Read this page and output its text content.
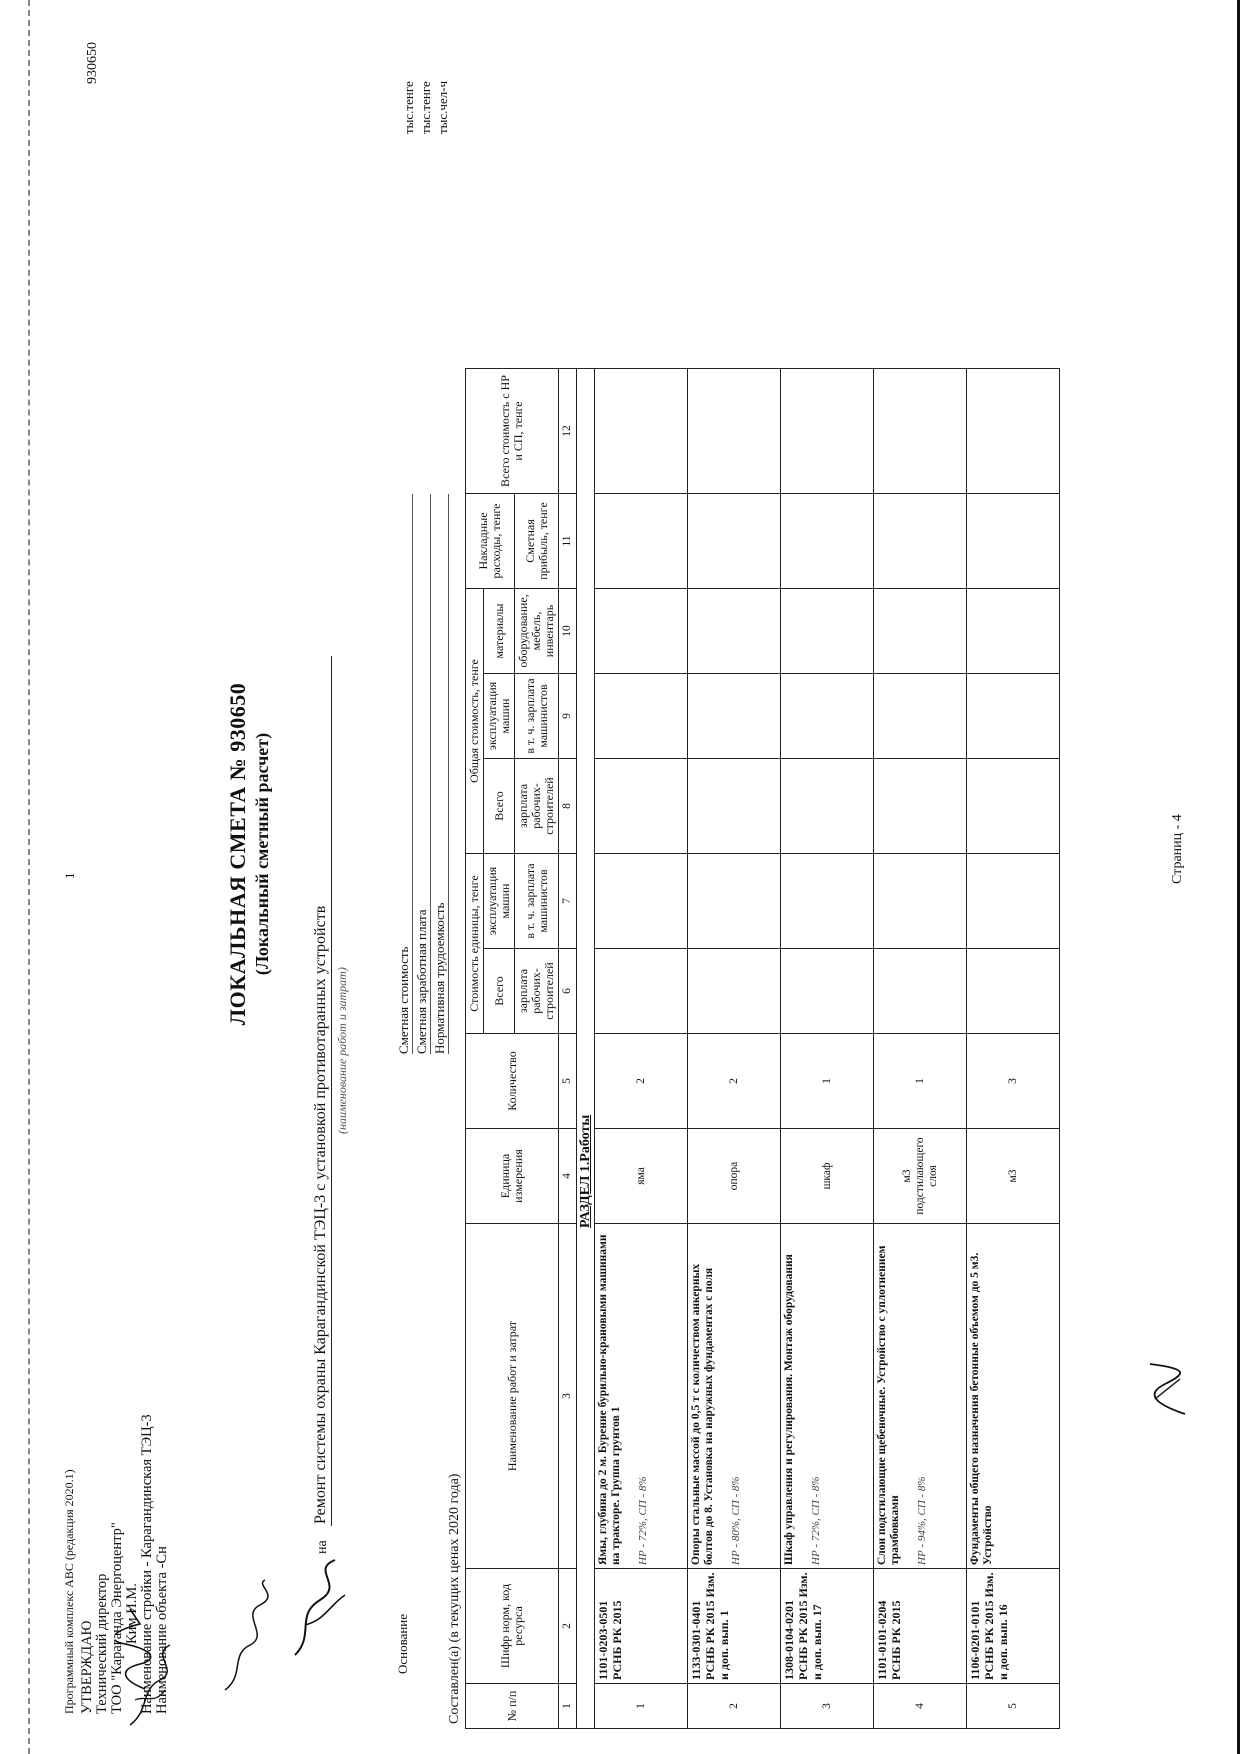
Программный комплекс АВС (редакция 2020.1)
1
930650
УТВЕРЖДАЮ Технический директор ТОО "Караганда Энергоцентр" Ким И.М. Наименование стройки - Карагандинская ТЭЦ-3 Наименование объекта -Сн
ЛОКАЛЬНАЯ СМЕТА № 930650 (Локальный сметный расчет)
на
Ремонт системы охраны Карагандинской ТЭЦ-3 с установкой противотаранных устройств (наименование работ и затрат)
Основание
Сметная стоимость Сметная заработная плата Нормативная трудоемкость
тыс.тенге тыс.тенге тыс.чел-ч
Составлен(а) (в текущих ценах 2020 года)	№ п/п	Шифр норм, код ресурса	Наименование работ и затрат	Единица измерения	Количество	Стоимость единицы, тенге		Общая стоимость, тенге			Накладные расходы, тенге	Всего стоимость с НР и СП, тенге
					Всего	эксплуатация машин	Всего	эксплуатация машин	материалы		
					зарплата рабочих-строителей	в т. ч. зарплата машинистов	зарплата рабочих-строителей	в т. ч. зарплата машинистов	оборудование, мебель, инвентарь	Сметная прибыль, тенге	
1	2	3	4	5	6	7	8	9	10	11	12
РАЗДЕЛ 1.Работы											
1	1101-0203-0501 РСНБ РК 2015	Ямы, глубина до 2 м. Бурение бурильно-крановыми машинами на тракторе. Группа грунтов 1 НР - 72%, СП - 8%	яма	2							
2	1133-0301-0401 РСНБ РК 2015 Изм. и доп. вып. 1	Опоры стальные массой до 0,5 т с количеством анкерных болтов до 8. Установка на наружных фундаментах с поля НР - 80%, СП - 8%	опора	2							
3	1308-0104-0201 РСНБ РК 2015 Изм. и доп. вып. 17	Шкаф управления и регулирования. Монтаж оборудования НР - 72%, СП - 8%	шкаф	1							
4	1101-0101-0204 РСНБ РК 2015	Слои подстилающие щебеночные. Устройство с уплотнением трамбовками НР - 94%, СП - 8%	м3 подстилающего слоя	1							
5	1106-0201-0101 РСНБ РК 2015 Изм. и доп. вып. 16	Фундаменты общего назначения бетонные объемом до 5 м3. Устройство	м3	3							
Страниц - 4
